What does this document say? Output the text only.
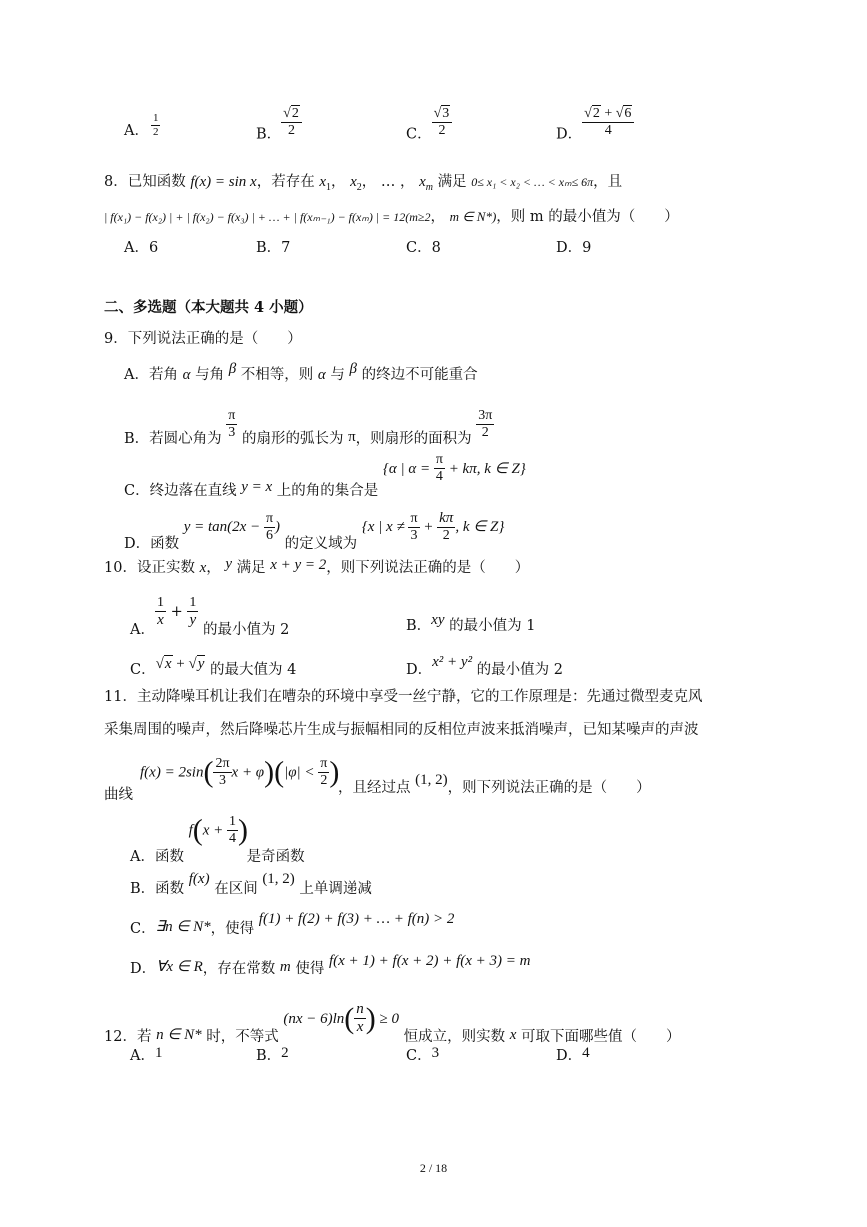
A． $\frac{1}{2}$	B． $\frac{√2}{2}$	C． $\frac{√3}{2}$	D． $\frac{√2 + √6}{4}$
8．已知函数 f(x) = sin x，若存在 $x_1$， $x_2$， … ， $x_m$ 满足 0≤ x₁ < x₂ < … < xₘ≤ 6π，且
| f(x₁) − f(x₂) | + | f(x₂) − f(x₃) | + … + | f(xₘ₋₁) − f(xₘ) | = 12(m≥2， m ∈ N*)，则 m 的最小值为（　　）
A．6	B．7	C．8	D．9
二、多选题（本大题共 4 小题）
9．下列说法正确的是（　　）
A．若角 α 与角 β 不相等，则 α 与 β 的终边不可能重合
B．若圆心角为 $\frac{\pi}{3}$ 的扇形的弧长为 π，则扇形的面积为 $\frac{3\pi}{2}$
C．终边落在直线 y = x 上的角的集合是 {α | $\alpha = \frac{\pi}{4} + k\pi$, k ∈ Z}
D．函数 $y = \tan(2x - \frac{\pi}{6}$ ) 的定义域为 {x | $x \ne \frac{\pi}{3} + \frac{k\pi}{2}$ , k ∈ Z}
10．设正实数 x， y 满足 x + y = 2，则下列说法正确的是（　　）
A．
$\frac{1}{x} + \frac{1}{y}$
的最小值为 2	B．xy 的最小值为 1
C．√x + √y 的最大值为 4	D．x² + y² 的最小值为 2
11．主动降噪耳机让我们在嘈杂的环境中享受一丝宁静，它的工作原理是：先通过微型麦克风
采集周围的噪声，然后降噪芯片生成与振幅相同的反相位声波来抵消噪声，已知某噪声的声波
曲线
$f(x) = 2\sin( \frac{2\pi}{3}$ $x + \varphi)(|\varphi| < \frac{\pi}{2}$ )
，且经过点 (1, 2)，则下列说法正确的是（　　）
A．函数 $f(x + \frac{1}{4}$ ) 是奇函数
B．函数 f(x) 在区间 (1, 2) 上单调递减
C．∃n ∈ N*，使得 f(1) + f(2) + f(3) + … + f(n) > 2
D．∀x ∈ R，存在常数 m 使得 f(x + 1) + f(x + 2) + f(x + 3) = m
12．若 n ∈ N* 时，不等式 $(nx - 6)\ln( \frac{n}{x}$ ) ≥ 0 恒成立，则实数 x 可取下面哪些值（　　）
A．1	B．2	C．3	D．4
2 / 18
